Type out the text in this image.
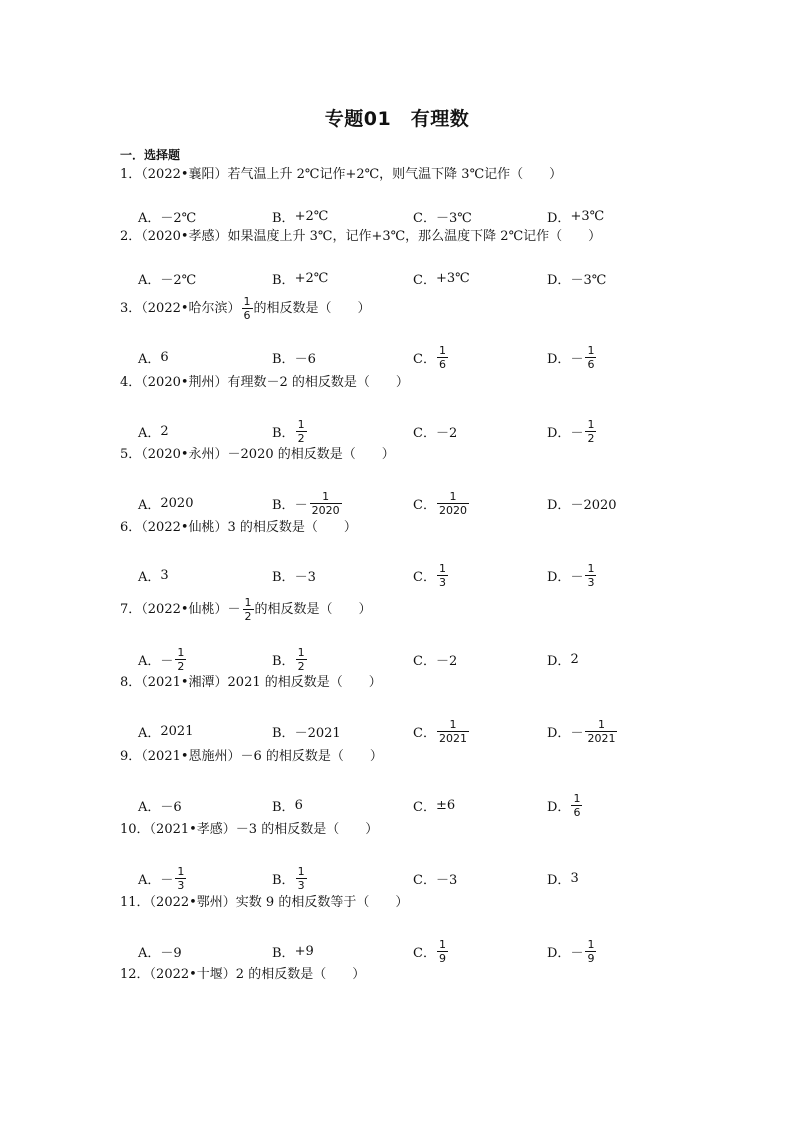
专题01　有理数
一．选择题
1．（2022•襄阳）若气温上升 2℃记作+2℃，则气温下降 3℃记作（　　）
A． －2℃	B． +2℃	C． －3℃	D． +3℃
2．（2020•孝感）如果温度上升 3℃，记作+3℃，那么温度下降 2℃记作（　　）
A． －2℃	B． +2℃	C． +3℃	D． －3℃
3．（2022•哈尔滨） $\frac{1}{6}$ 的相反数是（　　）
A． 6	B． －6	C． $\frac{1}{6}$	D． － $\frac{1}{6}$
4．（2020•荆州）有理数－2 的相反数是（　　）
A． 2	B． $\frac{1}{2}$	C． －2	D． － $\frac{1}{2}$
5．（2020•永州）－2020 的相反数是（　　）
A． 2020	B． － $\frac{1}{2020}$	C． $\frac{1}{2020}$	D． －2020
6．（2022•仙桃）3 的相反数是（　　）
A． 3	B． －3	C． $\frac{1}{3}$	D． － $\frac{1}{3}$
7．（2022•仙桃） － $\frac{1}{2}$ 的相反数是（　　）
A． － $\frac{1}{2}$	B． $\frac{1}{2}$	C． －2	D． 2
8．（2021•湘潭）2021 的相反数是（　　）
A． 2021	B． －2021	C． $\frac{1}{2021}$	D． － $\frac{1}{2021}$
9．（2021•恩施州）－6 的相反数是（　　）
A． －6	B． 6	C． ±6	D． $\frac{1}{6}$
10．（2021•孝感）－3 的相反数是（　　）
A． － $\frac{1}{3}$	B． $\frac{1}{3}$	C． －3	D． 3
11．（2022•鄂州）实数 9 的相反数等于（　　）
A． －9	B． +9	C． $\frac{1}{9}$	D． － $\frac{1}{9}$
12．（2022•十堰）2 的相反数是（　　）
